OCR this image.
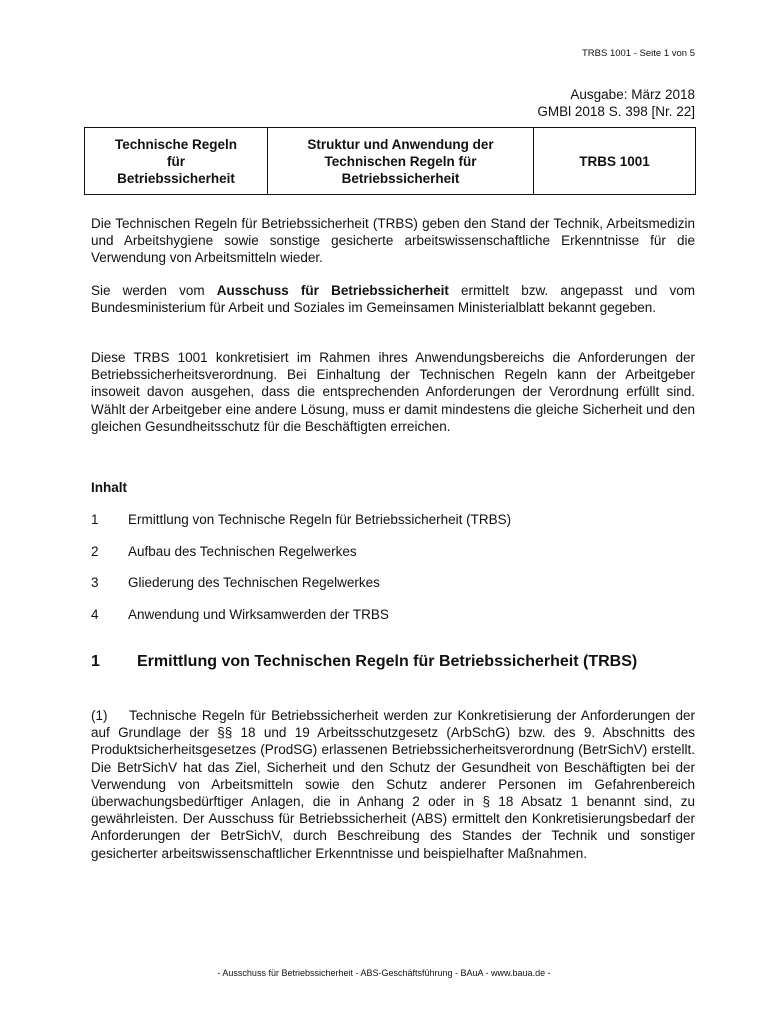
TRBS 1001 - Seite 1 von 5
Ausgabe: März 2018
GMBl 2018 S. 398 [Nr. 22]
Technische Regeln
für
Betriebssicherheit

Struktur und Anwendung der
Technischen Regeln für
Betriebssicherheit
	TRBS 1001

Die Technischen Regeln für Betriebssicherheit (TRBS) geben den Stand der Technik, Arbeitsmedizin und Arbeitshygiene sowie sonstige gesicherte arbeitswissenschaftliche Erkenntnisse für die Verwendung von Arbeitsmitteln wieder.

Sie werden vom Ausschuss für Betriebssicherheit ermittelt bzw. angepasst und vom Bundesministerium für Arbeit und Soziales im Gemeinsamen Ministerialblatt bekannt gegeben.

Diese TRBS 1001 konkretisiert im Rahmen ihres Anwendungsbereichs die Anforderungen der Betriebssicherheitsverordnung. Bei Einhaltung der Technischen Regeln kann der Arbeitgeber insoweit davon ausgehen, dass die entsprechenden Anforderungen der Verordnung erfüllt sind. Wählt der Arbeitgeber eine andere Lösung, muss er damit mindestens die gleiche Sicherheit und den gleichen Gesundheitsschutz für die Beschäftigten erreichen.

Inhalt
1	Ermittlung von Technische Regeln für Betriebssicherheit (TRBS)
2	Aufbau des Technischen Regelwerkes
3	Gliederung des Technischen Regelwerkes
4	Anwendung und Wirksamwerden der TRBS
1	Ermittlung von Technischen Regeln für Betriebssicherheit (TRBS)

(1) Technische Regeln für Betriebssicherheit werden zur Konkretisierung der Anforderungen der auf Grundlage der §§ 18 und 19 Arbeitsschutzgesetz (ArbSchG) bzw. des 9. Abschnitts des Produktsicherheitsgesetzes (ProdSG) erlassenen Betriebssicherheitsverordnung (BetrSichV) erstellt. Die BetrSichV hat das Ziel, Sicherheit und den Schutz der Gesundheit von Beschäftigten bei der Verwendung von Arbeitsmitteln sowie den Schutz anderer Personen im Gefahrenbereich überwachungsbedürftiger Anlagen, die in Anhang 2 oder in § 18 Absatz 1 benannt sind, zu gewährleisten. Der Ausschuss für Betriebssicherheit (ABS) ermittelt den Konkretisierungsbedarf der Anforderungen der BetrSichV, durch Beschreibung des Standes der Technik und sonstiger gesicherter arbeitswissenschaftlicher Erkenntnisse und beispielhafter Maßnahmen.

- Ausschuss für Betriebssicherheit - ABS-Geschäftsführung - BAuA - www.baua.de -
